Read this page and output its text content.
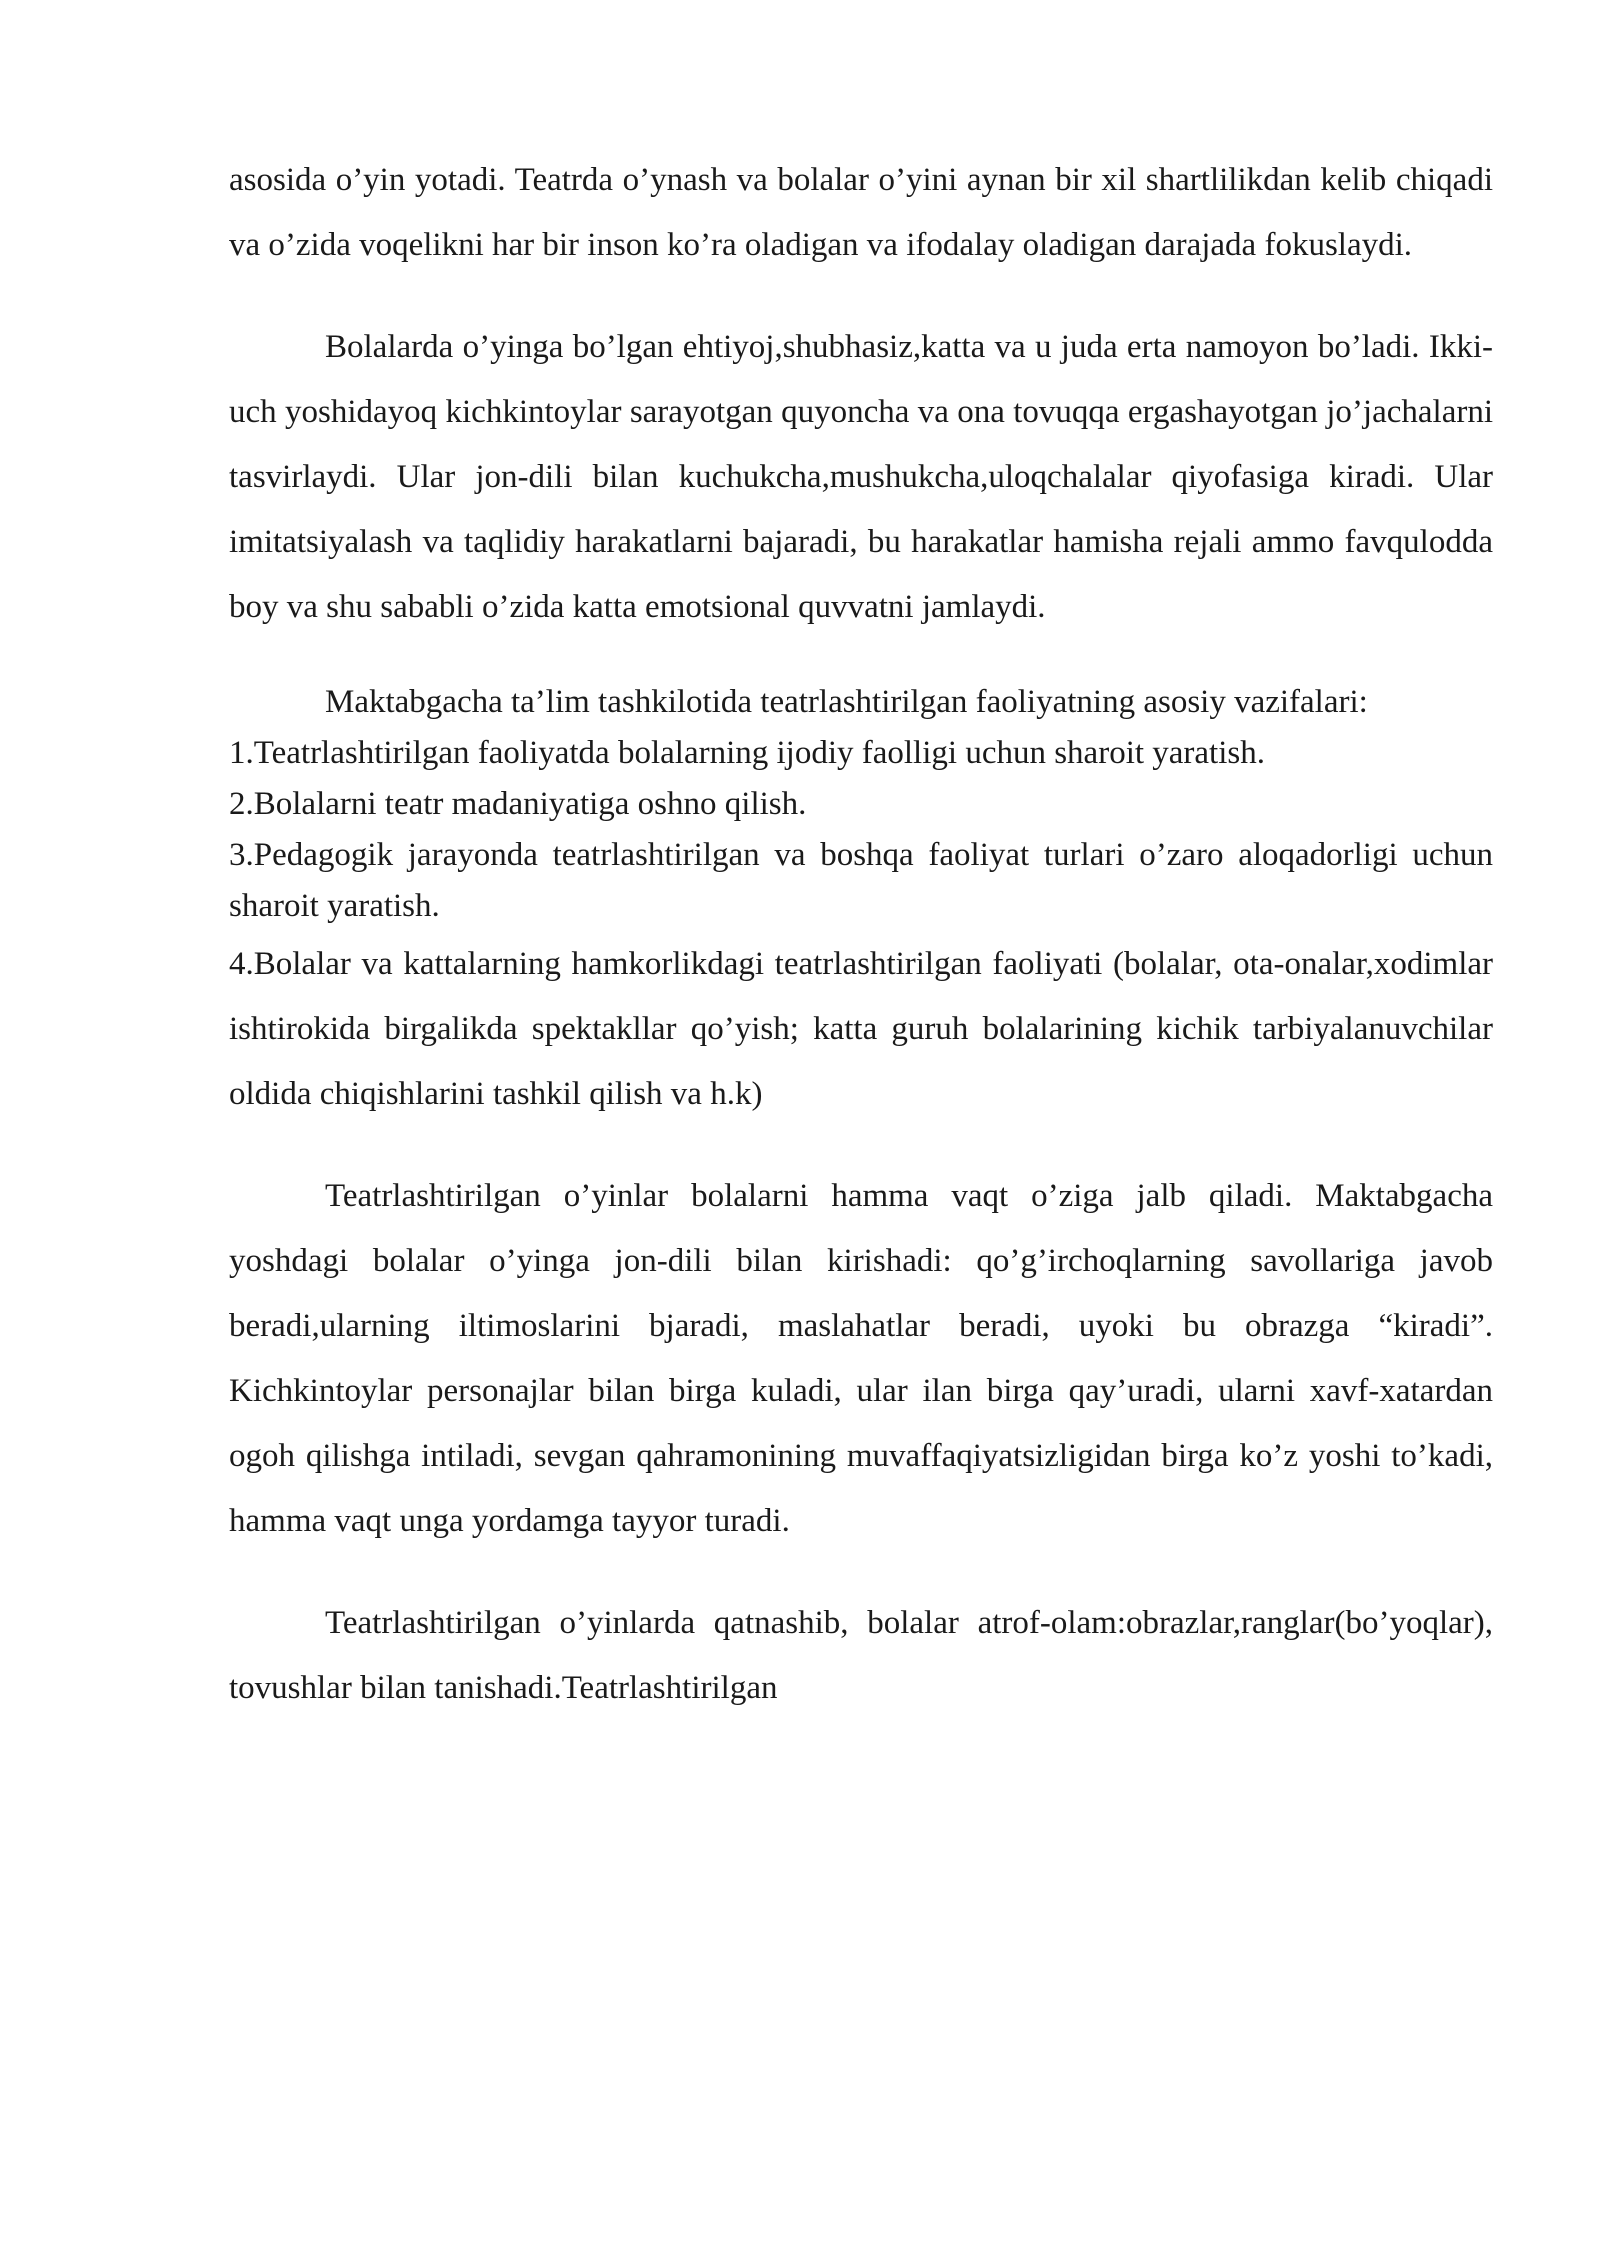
asosida o’yin yotadi. Teatrda o’ynash va bolalar o’yini aynan bir xil shartlilikdan kelib chiqadi va o’zida voqelikni har bir inson ko’ra oladigan va ifodalay oladigan darajada fokuslaydi.

Bolalarda o’yinga bo’lgan ehtiyoj,shubhasiz,katta va u juda erta namoyon bo’ladi. Ikki-uch yoshidayoq kichkintoylar sarayotgan quyoncha va ona tovuqqa ergashayotgan jo’jachalarni tasvirlaydi. Ular jon-dili bilan kuchukcha,mushukcha,uloqchalalar qiyofasiga kiradi. Ular imitatsiyalash va taqlidiy harakatlarni bajaradi, bu harakatlar hamisha rejali ammo favqulodda boy va shu sababli o’zida katta emotsional quvvatni jamlaydi.

Maktabgacha ta’lim tashkilotida teatrlashtirilgan faoliyatning asosiy vazifalari:

1.Teatrlashtirilgan faoliyatda bolalarning ijodiy faolligi uchun sharoit yaratish.

2.Bolalarni teatr madaniyatiga oshno qilish.

3.Pedagogik jarayonda teatrlashtirilgan va boshqa faoliyat turlari o’zaro aloqadorligi uchun sharoit yaratish.

4.Bolalar va kattalarning hamkorlikdagi teatrlashtirilgan faoliyati (bolalar, ota-onalar,xodimlar ishtirokida birgalikda spektakllar qo’yish; katta guruh bolalarining kichik tarbiyalanuvchilar oldida chiqishlarini tashkil qilish va h.k)

Teatrlashtirilgan o’yinlar bolalarni hamma vaqt o’ziga jalb qiladi. Maktabgacha yoshdagi bolalar o’yinga jon-dili bilan kirishadi: qo’g’irchoqlarning savollariga javob beradi,ularning iltimoslarini bjaradi, maslahatlar beradi, uyoki bu obrazga “kiradi”. Kichkintoylar personajlar bilan birga kuladi, ular ilan birga qay’uradi, ularni xavf-xatardan ogoh qilishga intiladi, sevgan qahramonining muvaffaqiyatsizligidan birga ko’z yoshi to’kadi, hamma vaqt unga yordamga tayyor turadi.

Teatrlashtirilgan o’yinlarda qatnashib, bolalar atrof-olam:obrazlar,ranglar(bo’yoqlar), tovushlar bilan tanishadi.Teatrlashtirilgan
